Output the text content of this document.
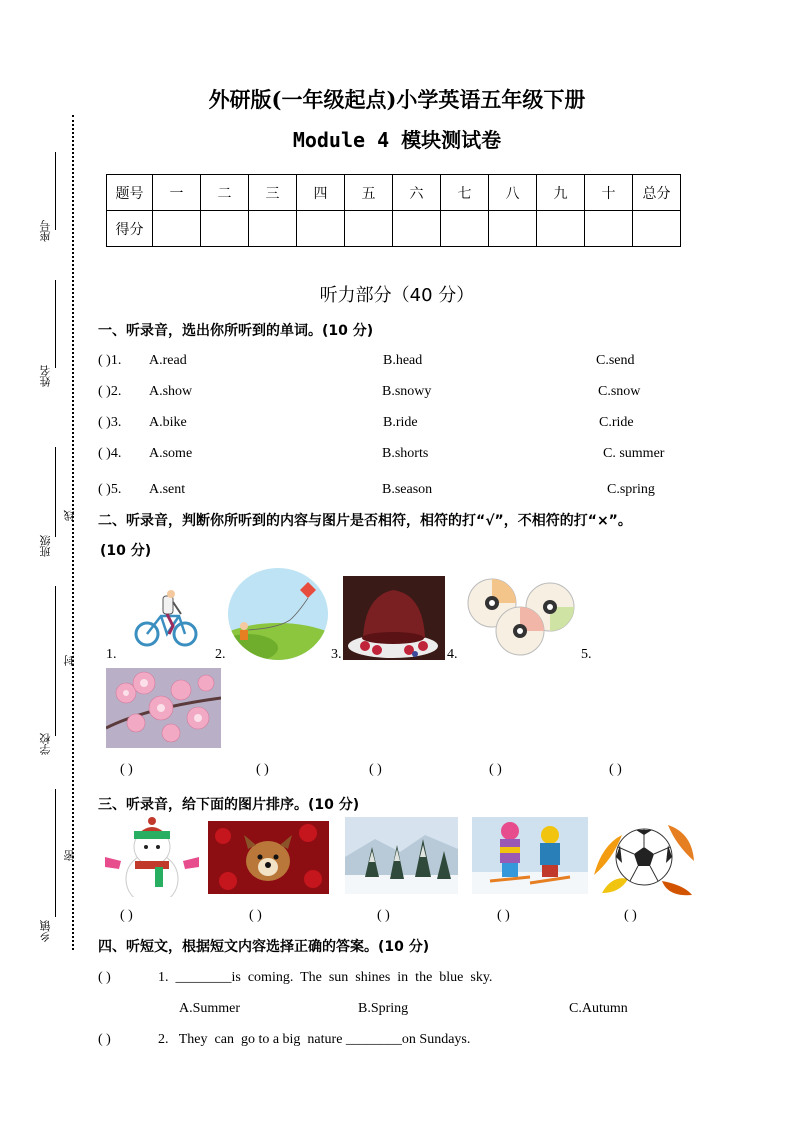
座号
姓名
班级
线
学校
封
乡镇
密
外研版(一年级起点)小学英语五年级下册
Module 4 模块测试卷
题号	一	二	三	四	五	六	七	八	九	十	总分
得分											
听力部分（40 分）
一、听录音，选出你所听到的单词。(10 分)
( )1. A.read	B.head	C.send
( )2. A.show	B.snowy	C.snow
( )3. A.bike	B.ride	C.ride
( )4. A.some	B.shorts	C. summer
( )5. A.sent	B.season	C.spring
二、听录音，判断你所听到的内容与图片是否相符，相符的打“√”，不相符的打“×”。
(10 分)
1.	2.	3.	4.	5.
( )	( )	( )	( )	( )
三、听录音，给下面的图片排序。(10 分)
( )	( )	( )	( )	( )
四、听短文，根据短文内容选择正确的答案。(10 分)
( )	1.  ________is  coming.  The  sun  shines  in  the  blue  sky.
A.Summer	B.Spring	C.Autumn
( )	2.   They  can  go to a big  nature ________on Sundays.
